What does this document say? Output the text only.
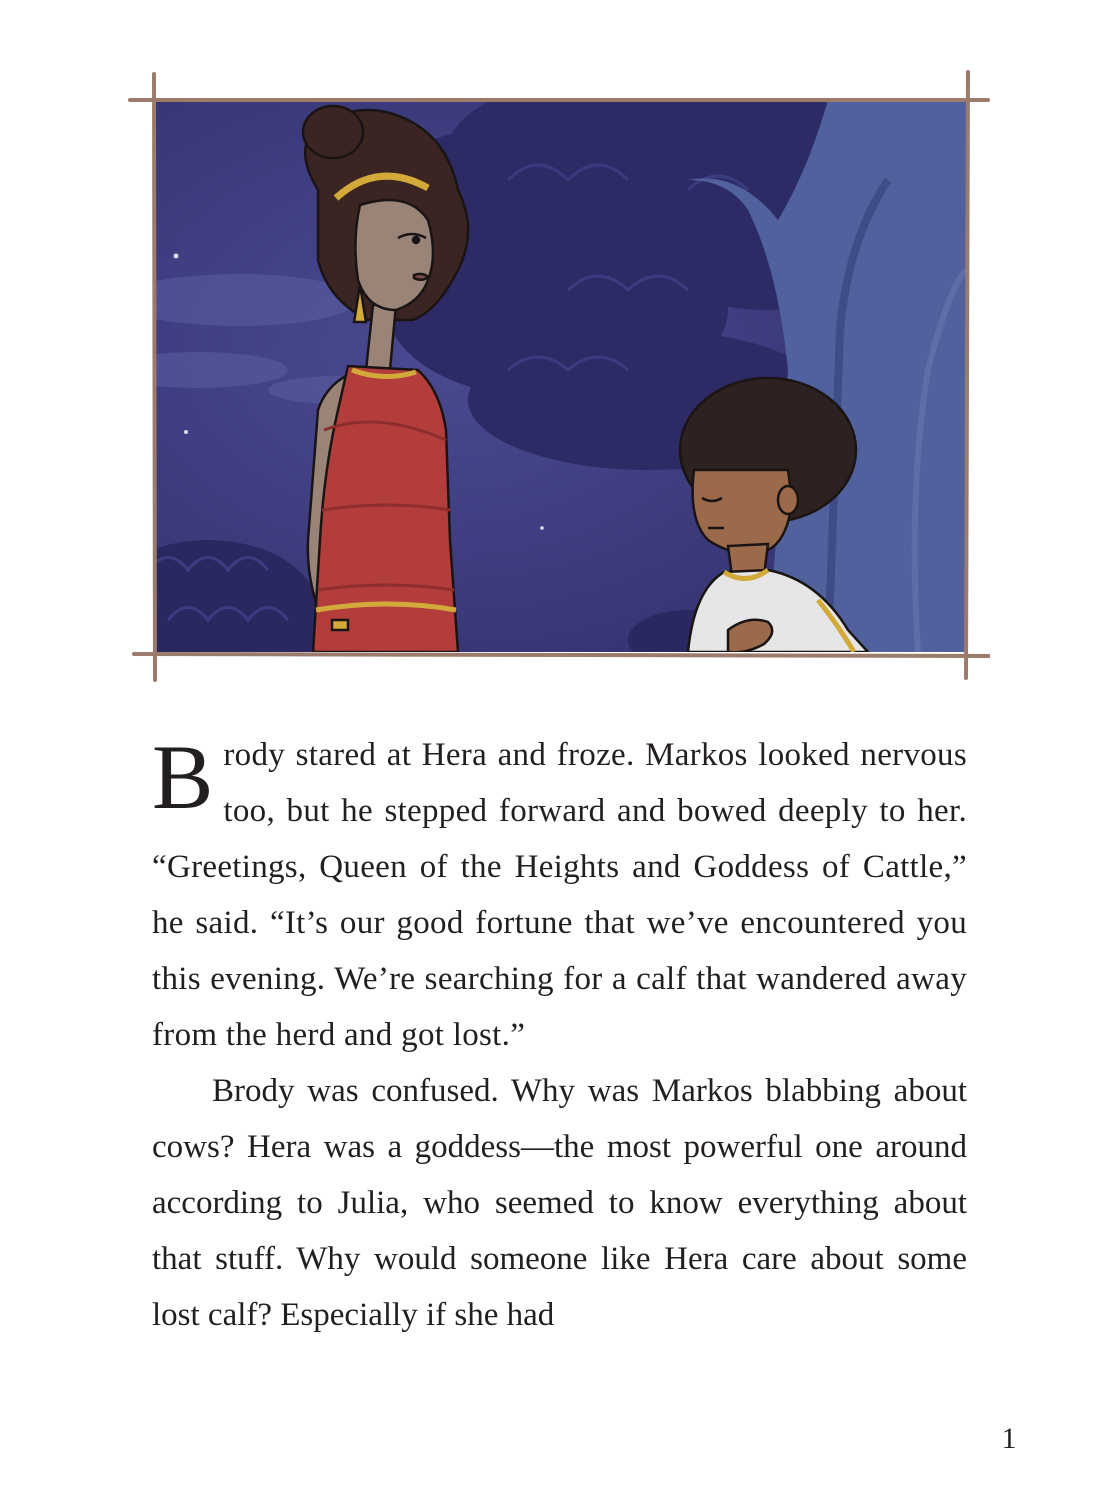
Brody stared at Hera and froze. Markos looked nervous too, but he stepped forward and bowed deeply to her. “Greetings, Queen of the Heights and Goddess of Cattle,” he said. “It’s our good fortune that we’ve encountered you this evening. We’re searching for a calf that wandered away from the herd and got lost.”

Brody was confused. Why was Markos blabbing about cows? Hera was a goddess—the most powerful one around according to Julia, who seemed to know everything about that stuff. Why would someone like Hera care about some lost calf? Especially if she had

1
